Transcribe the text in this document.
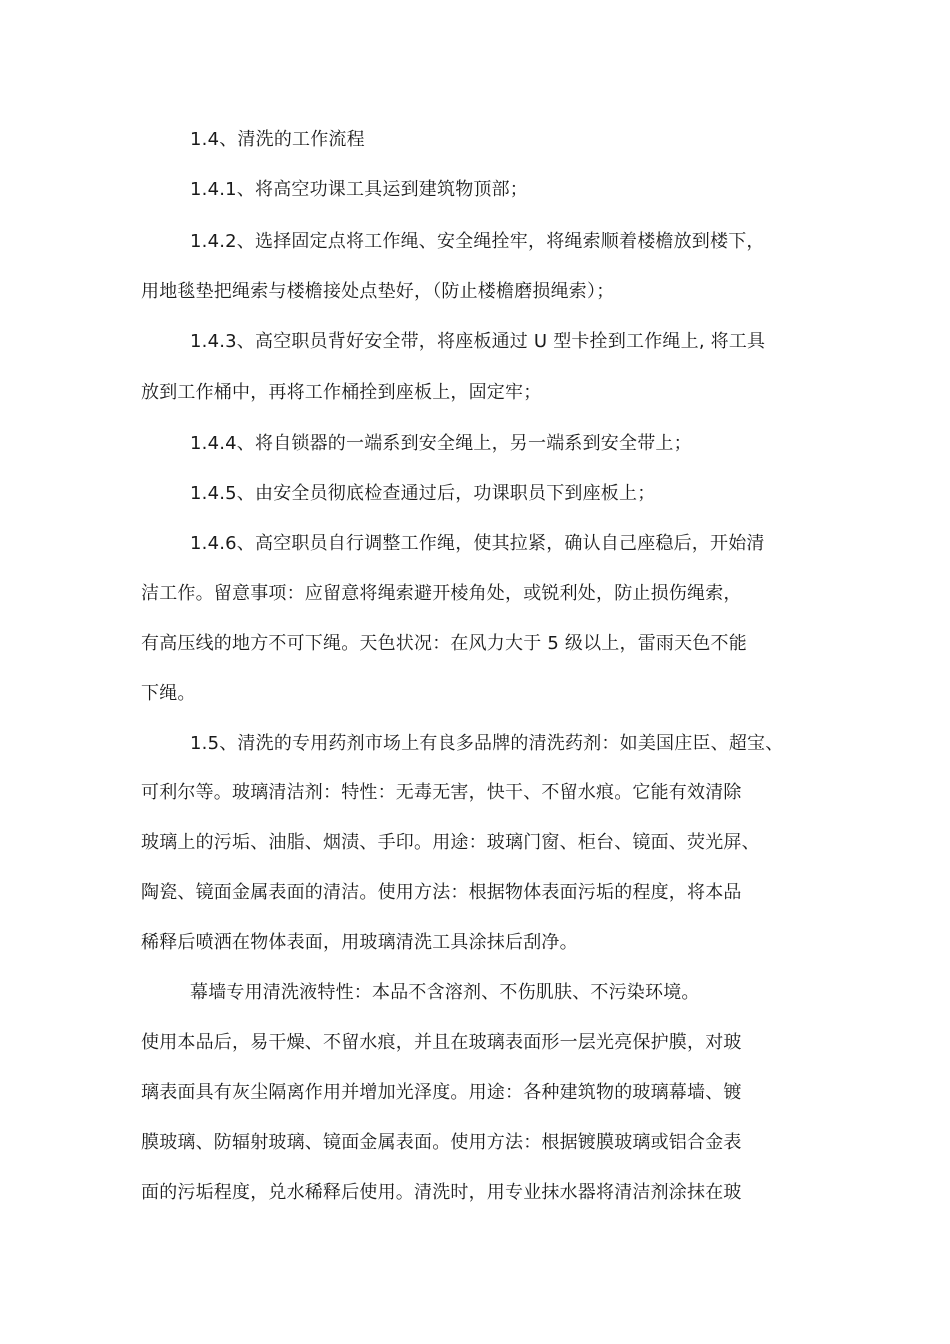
1.4、清洗的工作流程
1.4.1、将高空功课工具运到建筑物顶部；
1.4.2、选择固定点将工作绳、安全绳拴牢，将绳索顺着楼檐放到楼下，
用地毯垫把绳索与楼檐接处点垫好，（防止楼檐磨损绳索）；
1.4.3、高空职员背好安全带，将座板通过 U 型卡拴到工作绳上, 将工具
放到工作桶中，再将工作桶拴到座板上，固定牢；
1.4.4、将自锁器的一端系到安全绳上，另一端系到安全带上；
1.4.5、由安全员彻底检查通过后，功课职员下到座板上；
1.4.6、高空职员自行调整工作绳，使其拉紧，确认自己座稳后，开始清
洁工作。留意事项：应留意将绳索避开棱角处，或锐利处，防止损伤绳索，
有高压线的地方不可下绳。天色状况：在风力大于 5 级以上，雷雨天色不能
下绳。
1.5、清洗的专用药剂市场上有良多品牌的清洗药剂：如美国庄臣、超宝、
可利尔等。玻璃清洁剂：特性：无毒无害，快干、不留水痕。它能有效清除
玻璃上的污垢、油脂、烟渍、手印。用途：玻璃门窗、柜台、镜面、荧光屏、
陶瓷、镜面金属表面的清洁。使用方法：根据物体表面污垢的程度，将本品
稀释后喷洒在物体表面，用玻璃清洗工具涂抹后刮净。
幕墙专用清洗液特性：本品不含溶剂、不伤肌肤、不污染环境。
使用本品后，易干燥、不留水痕，并且在玻璃表面形一层光亮保护膜，对玻
璃表面具有灰尘隔离作用并增加光泽度。用途：各种建筑物的玻璃幕墙、镀
膜玻璃、防辐射玻璃、镜面金属表面。使用方法：根据镀膜玻璃或铝合金表
面的污垢程度，兑水稀释后使用。清洗时，用专业抹水器将清洁剂涂抹在玻
